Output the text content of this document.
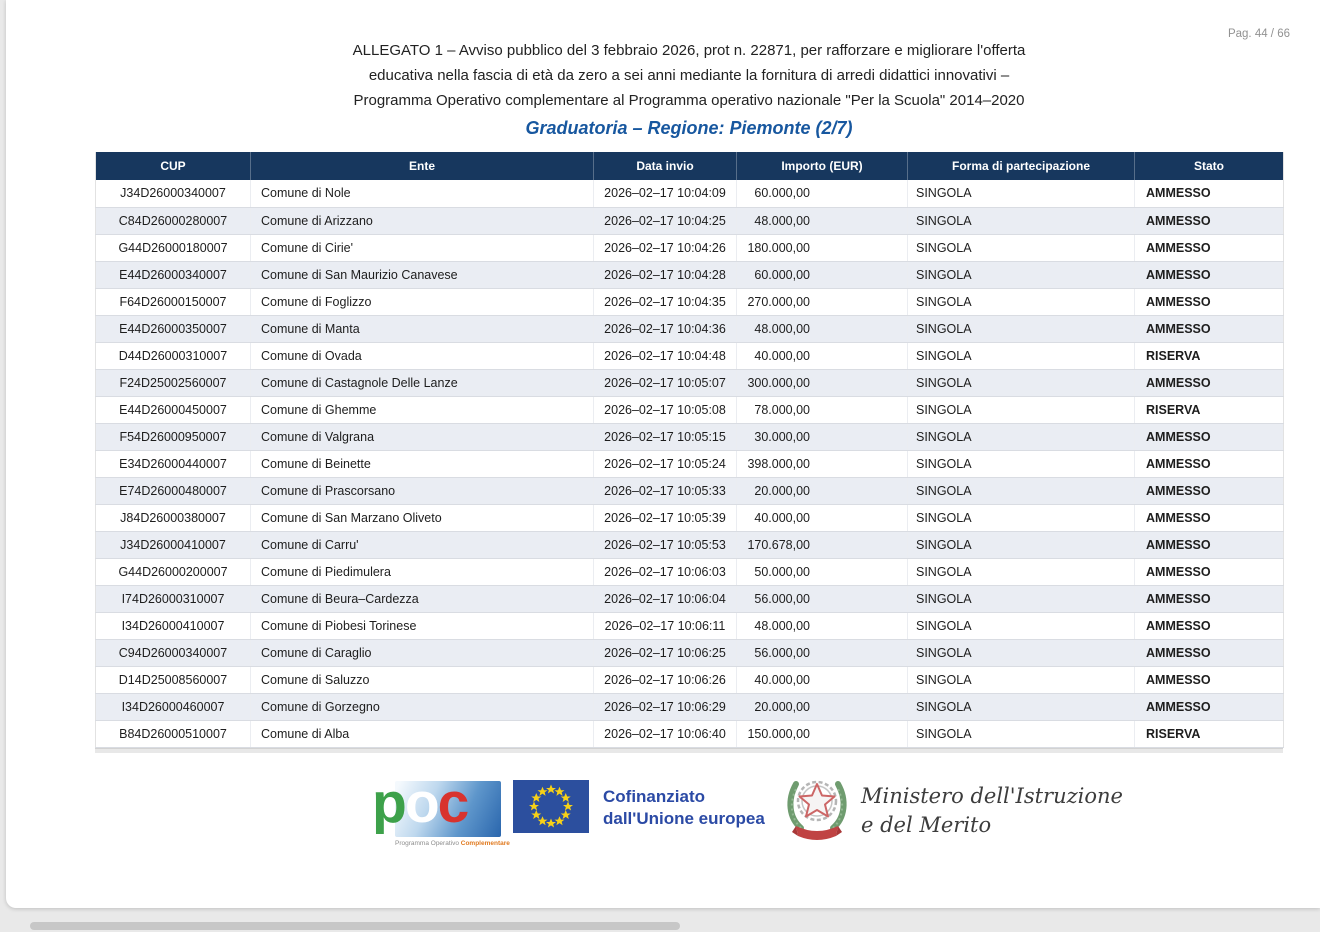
Pag. 44 / 66
ALLEGATO 1 – Avviso pubblico del 3 febbraio 2026, prot n. 22871, per rafforzare e migliorare l'offerta
educativa nella fascia di età da zero a sei anni mediante la fornitura di arredi didattici innovativi –
Programma Operativo complementare al Programma operativo nazionale "Per la Scuola" 2014–2020
Graduatoria – Regione: Piemonte (2/7)
CUP	Ente	Data invio	Importo (EUR)	Forma di partecipazione	Stato
J34D26000340007	Comune di Nole	2026–02–17 10:04:09	60.000,00	SINGOLA	AMMESSO
C84D26000280007	Comune di Arizzano	2026–02–17 10:04:25	48.000,00	SINGOLA	AMMESSO
G44D26000180007	Comune di Cirie'	2026–02–17 10:04:26	180.000,00	SINGOLA	AMMESSO
E44D26000340007	Comune di San Maurizio Canavese	2026–02–17 10:04:28	60.000,00	SINGOLA	AMMESSO
F64D26000150007	Comune di Foglizzo	2026–02–17 10:04:35	270.000,00	SINGOLA	AMMESSO
E44D26000350007	Comune di Manta	2026–02–17 10:04:36	48.000,00	SINGOLA	AMMESSO
D44D26000310007	Comune di Ovada	2026–02–17 10:04:48	40.000,00	SINGOLA	RISERVA
F24D25002560007	Comune di Castagnole Delle Lanze	2026–02–17 10:05:07	300.000,00	SINGOLA	AMMESSO
E44D26000450007	Comune di Ghemme	2026–02–17 10:05:08	78.000,00	SINGOLA	RISERVA
F54D26000950007	Comune di Valgrana	2026–02–17 10:05:15	30.000,00	SINGOLA	AMMESSO
E34D26000440007	Comune di Beinette	2026–02–17 10:05:24	398.000,00	SINGOLA	AMMESSO
E74D26000480007	Comune di Prascorsano	2026–02–17 10:05:33	20.000,00	SINGOLA	AMMESSO
J84D26000380007	Comune di San Marzano Oliveto	2026–02–17 10:05:39	40.000,00	SINGOLA	AMMESSO
J34D26000410007	Comune di Carru'	2026–02–17 10:05:53	170.678,00	SINGOLA	AMMESSO
G44D26000200007	Comune di Piedimulera	2026–02–17 10:06:03	50.000,00	SINGOLA	AMMESSO
I74D26000310007	Comune di Beura–Cardezza	2026–02–17 10:06:04	56.000,00	SINGOLA	AMMESSO
I34D26000410007	Comune di Piobesi Torinese	2026–02–17 10:06:11	48.000,00	SINGOLA	AMMESSO
C94D26000340007	Comune di Caraglio	2026–02–17 10:06:25	56.000,00	SINGOLA	AMMESSO
D14D25008560007	Comune di Saluzzo	2026–02–17 10:06:26	40.000,00	SINGOLA	AMMESSO
I34D26000460007	Comune di Gorzegno	2026–02–17 10:06:29	20.000,00	SINGOLA	AMMESSO
B84D26000510007	Comune di Alba	2026–02–17 10:06:40	150.000,00	SINGOLA	RISERVA
poc
Programma Operativo Complementare
Cofinanziato
dall'Unione europea
Ministero dell'Istruzione
e del Merito
